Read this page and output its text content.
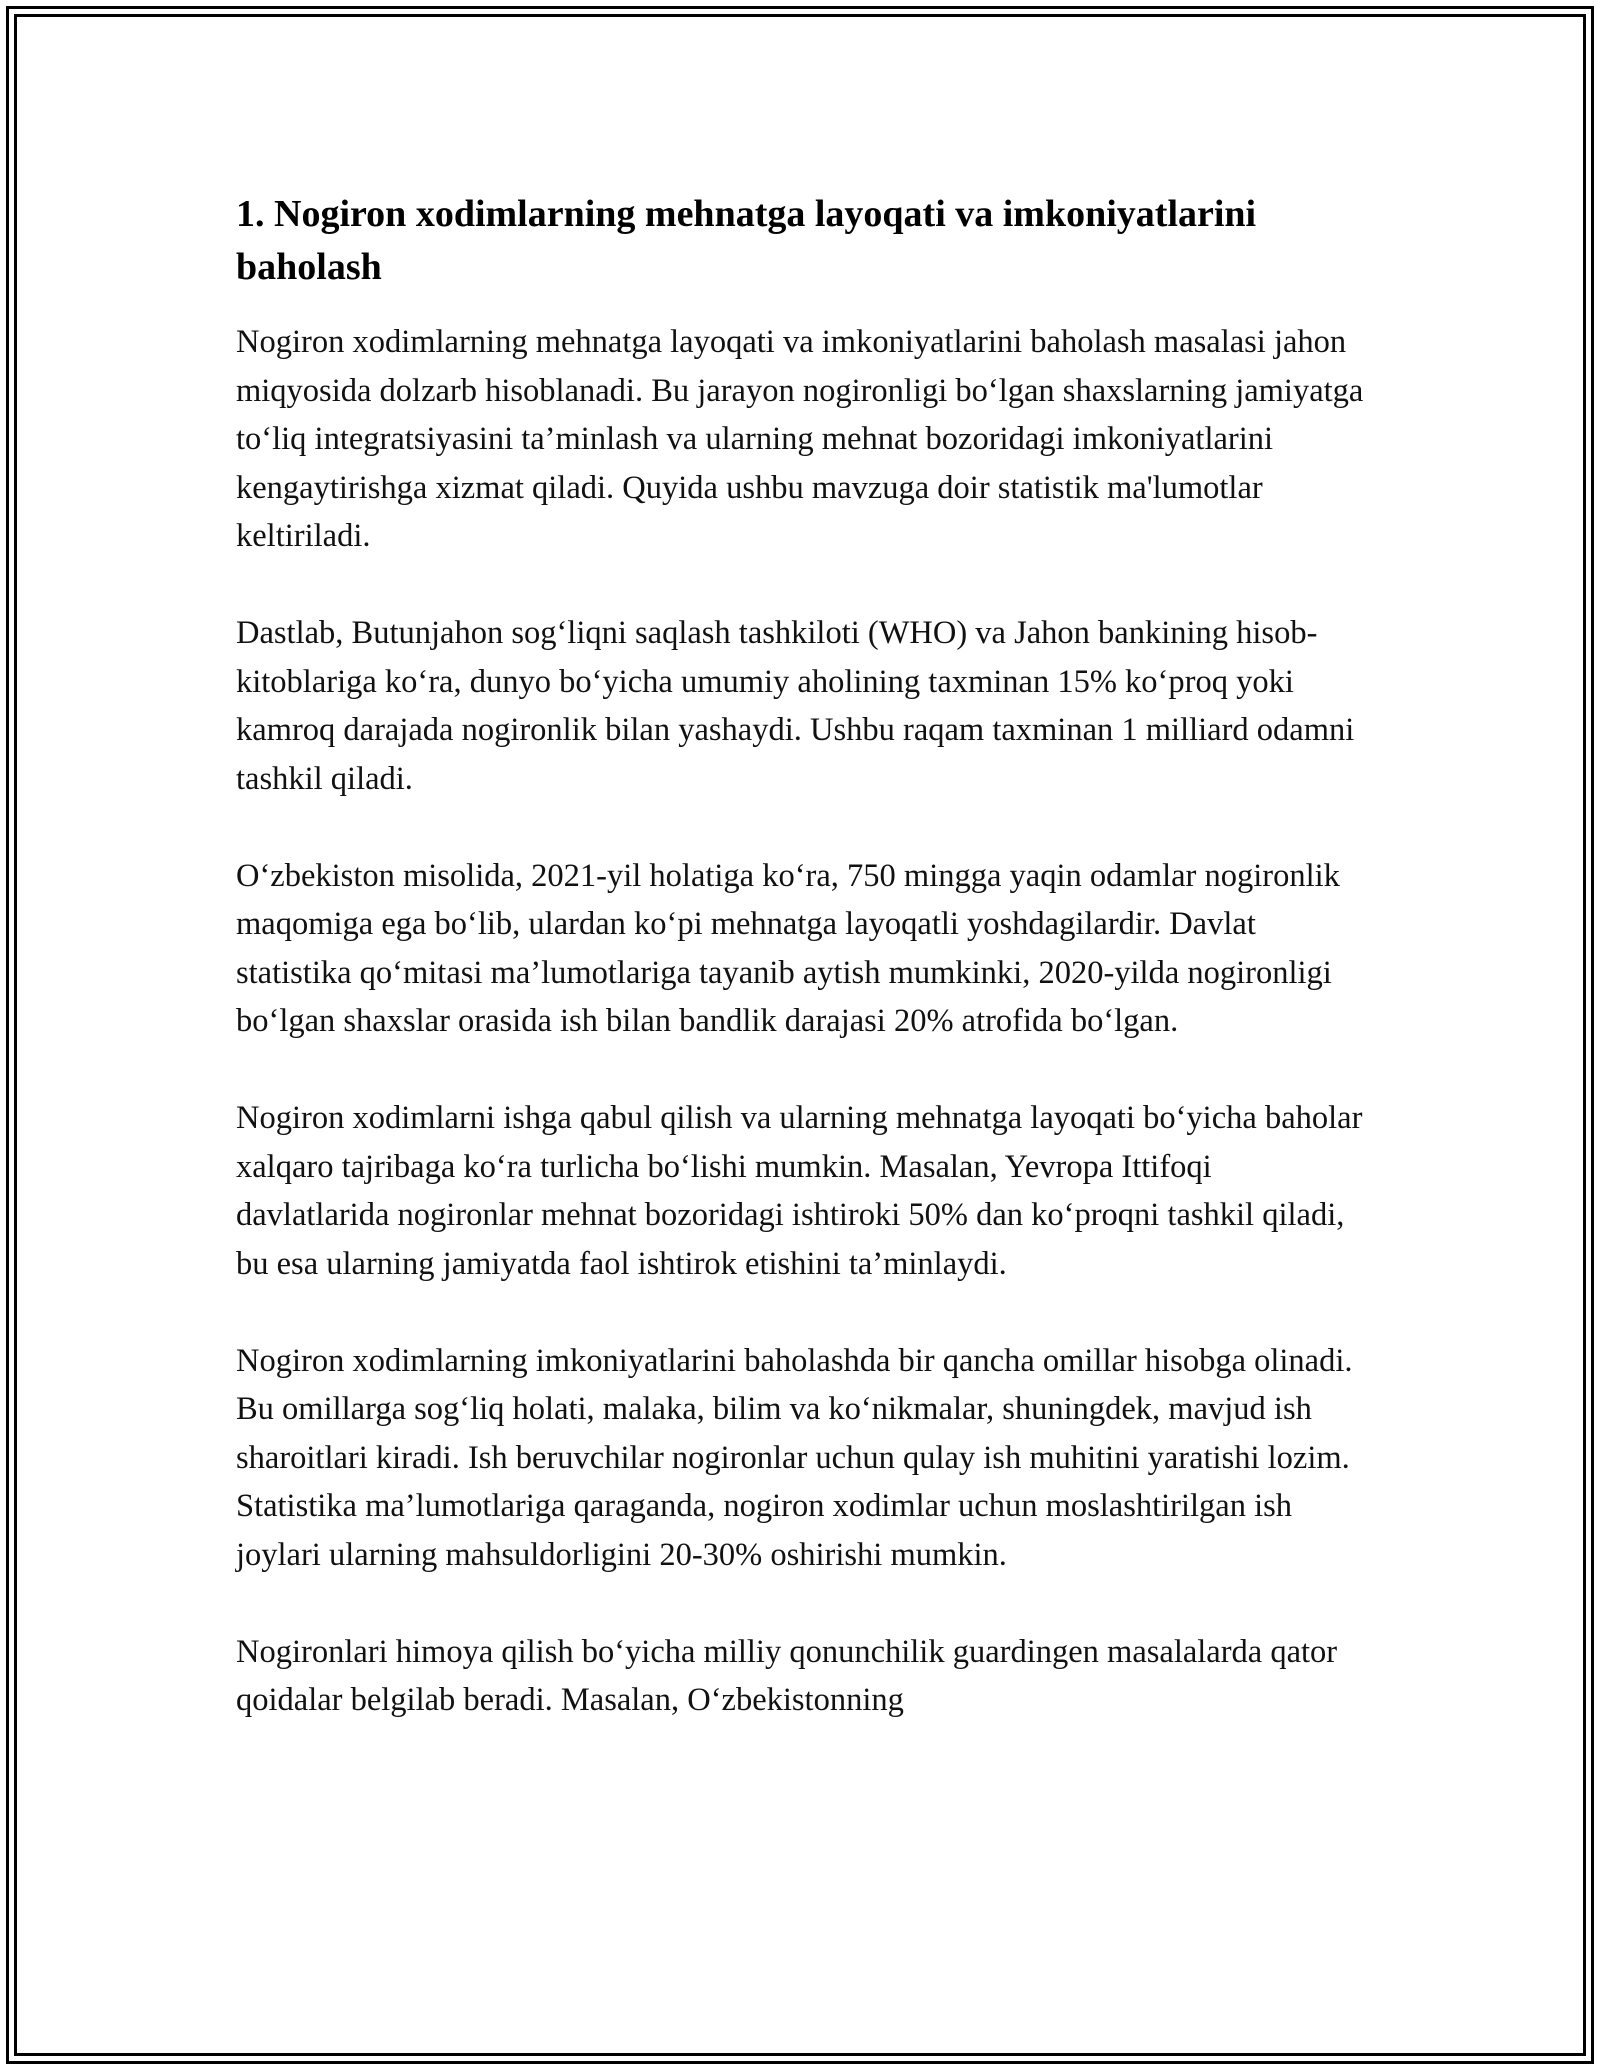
1. Nogiron xodimlarning mehnatga layoqati va imkoniyatlarini baholash

Nogiron xodimlarning mehnatga layoqati va imkoniyatlarini baholash masalasi jahon miqyosida dolzarb hisoblanadi. Bu jarayon nogironligi boʻlgan shaxslarning jamiyatga toʻliq integratsiyasini ta’minlash va ularning mehnat bozoridagi imkoniyatlarini kengaytirishga xizmat qiladi. Quyida ushbu mavzuga doir statistik ma'lumotlar keltiriladi.

Dastlab, Butunjahon sogʻliqni saqlash tashkiloti (WHO) va Jahon bankining hisob-kitoblariga koʻra, dunyo boʻyicha umumiy aholining taxminan 15% koʻproq yoki kamroq darajada nogironlik bilan yashaydi. Ushbu raqam taxminan 1 milliard odamni tashkil qiladi.

Oʻzbekiston misolida, 2021-yil holatiga koʻra, 750 mingga yaqin odamlar nogironlik maqomiga ega boʻlib, ulardan koʻpi mehnatga layoqatli yoshdagilardir. Davlat statistika qoʻmitasi ma’lumotlariga tayanib aytish mumkinki, 2020-yilda nogironligi boʻlgan shaxslar orasida ish bilan bandlik darajasi 20% atrofida boʻlgan.

Nogiron xodimlarni ishga qabul qilish va ularning mehnatga layoqati boʻyicha baholar xalqaro tajribaga koʻra turlicha boʻlishi mumkin. Masalan, Yevropa Ittifoqi davlatlarida nogironlar mehnat bozoridagi ishtiroki 50% dan koʻproqni tashkil qiladi, bu esa ularning jamiyatda faol ishtirok etishini ta’minlaydi.

Nogiron xodimlarning imkoniyatlarini baholashda bir qancha omillar hisobga olinadi. Bu omillarga sogʻliq holati, malaka, bilim va koʻnikmalar, shuningdek, mavjud ish sharoitlari kiradi. Ish beruvchilar nogironlar uchun qulay ish muhitini yaratishi lozim. Statistika ma’lumotlariga qaraganda, nogiron xodimlar uchun moslashtirilgan ish joylari ularning mahsuldorligini 20-30% oshirishi mumkin.

Nogironlari himoya qilish boʻyicha milliy qonunchilik guardingen masalalarda qator qoidalar belgilab beradi. Masalan, Oʻzbekistonning
